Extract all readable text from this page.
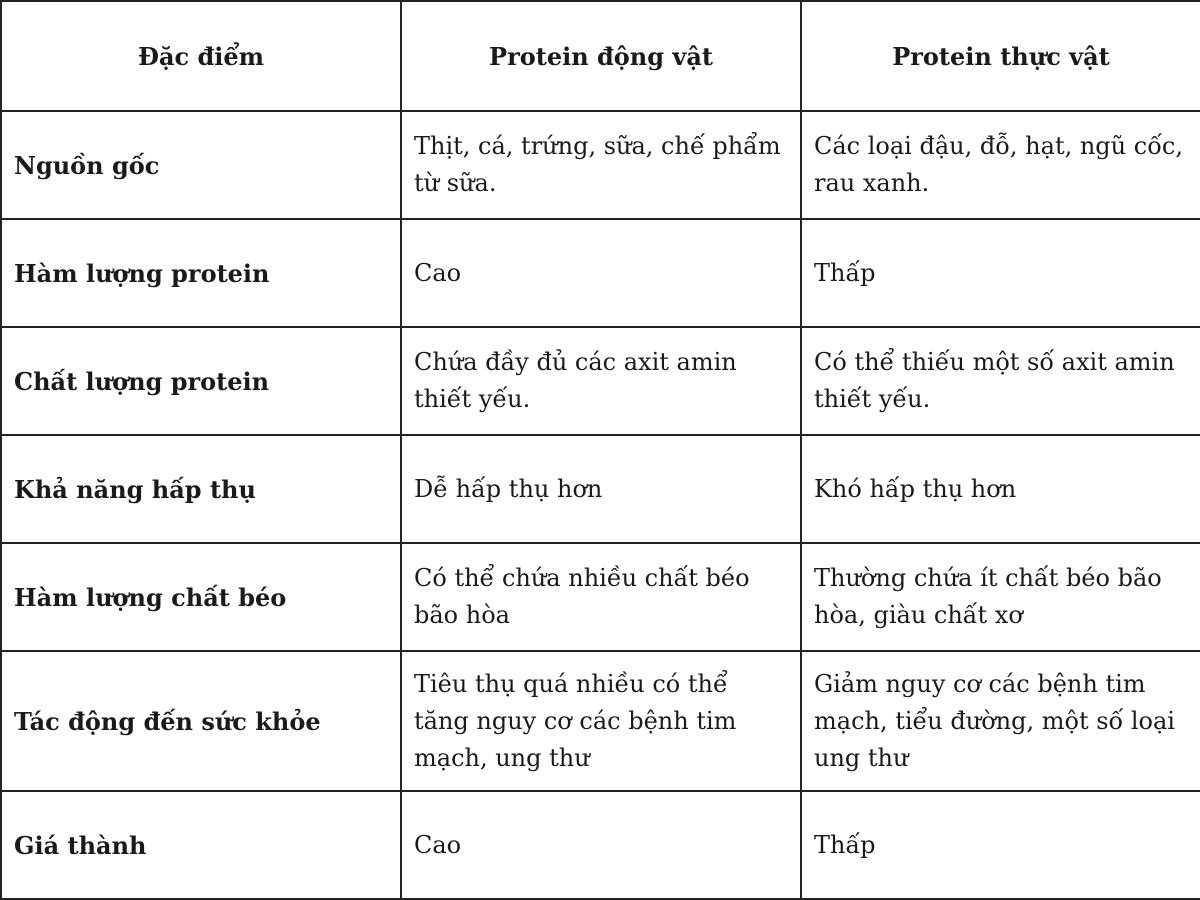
Đặc điểm	Protein động vật	Protein thực vật
Nguồn gốc	Thịt, cá, trứng, sữa, chế phẩm từ sữa.	Các loại đậu, đỗ, hạt, ngũ cốc, rau xanh.
Hàm lượng protein	Cao	Thấp
Chất lượng protein	Chứa đầy đủ các axit amin thiết yếu.	Có thể thiếu một số axit amin thiết yếu.
Khả năng hấp thụ	Dễ hấp thụ hơn	Khó hấp thụ hơn
Hàm lượng chất béo	Có thể chứa nhiều chất béo bão hòa	Thường chứa ít chất béo bão hòa, giàu chất xơ
Tác động đến sức khỏe	Tiêu thụ quá nhiều có thể tăng nguy cơ các bệnh tim mạch, ung thư	Giảm nguy cơ các bệnh tim mạch, tiểu đường, một số loại ung thư
Giá thành	Cao	Thấp
